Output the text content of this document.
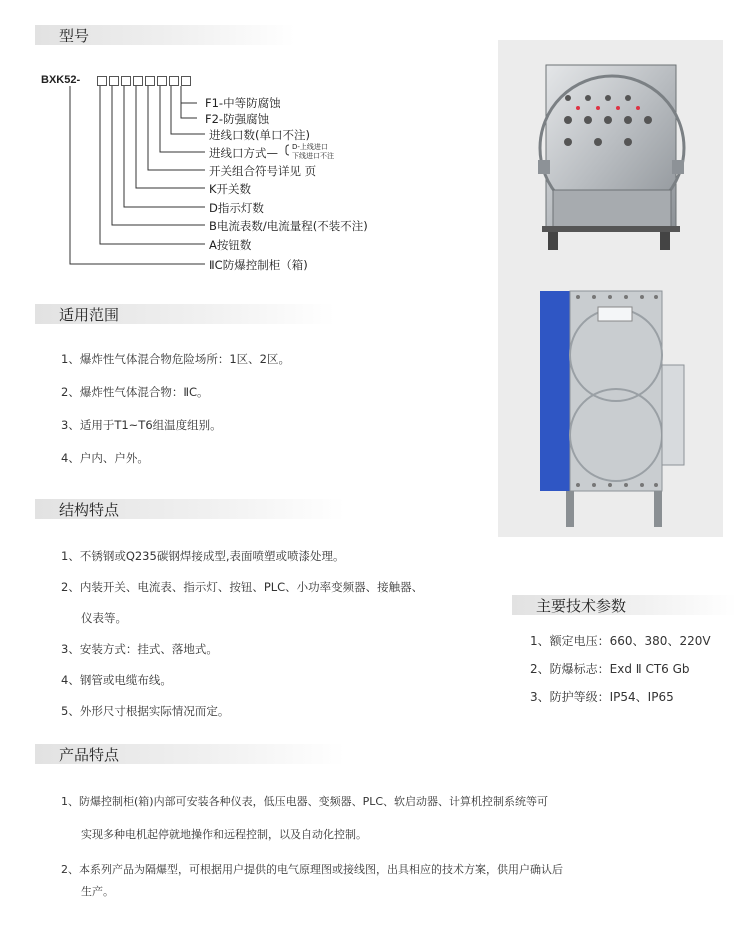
型号
BXK52-
F1-中等防腐蚀
F2-防强腐蚀
进线口数(单口不注)
进线口方式— D-上线进口
下线进口不注
开关组合符号详见 页
K开关数
D指示灯数
B电流表数/电流量程(不装不注)
A按钮数
ⅡC防爆控制柜（箱)
适用范围
1、爆炸性气体混合物危险场所：1区、2区。
2、爆炸性气体混合物：ⅡC。
3、适用于T1~T6组温度组别。
4、户内、户外。
结构特点
1、不锈钢或Q235碳钢焊接成型,表面喷塑或喷漆处理。
2、内装开关、电流表、指示灯、按钮、PLC、小功率变频器、接触器、
仪表等。
3、安装方式：挂式、落地式。
4、钢管或电缆布线。
5、外形尺寸根据实际情况而定。
主要技术参数
1、额定电压：660、380、220V
2、防爆标志：Exd Ⅱ CT6 Gb
3、防护等级：IP54、IP65
产品特点
1、防爆控制柜(箱)内部可安装各种仪表，低压电器、变频器、PLC、软启动器、计算机控制系统等可
实现多种电机起停就地操作和远程控制，以及自动化控制。
2、本系列产品为隔爆型，可根据用户提供的电气原理图或接线图，出具相应的技术方案，供用户确认后
生产。
